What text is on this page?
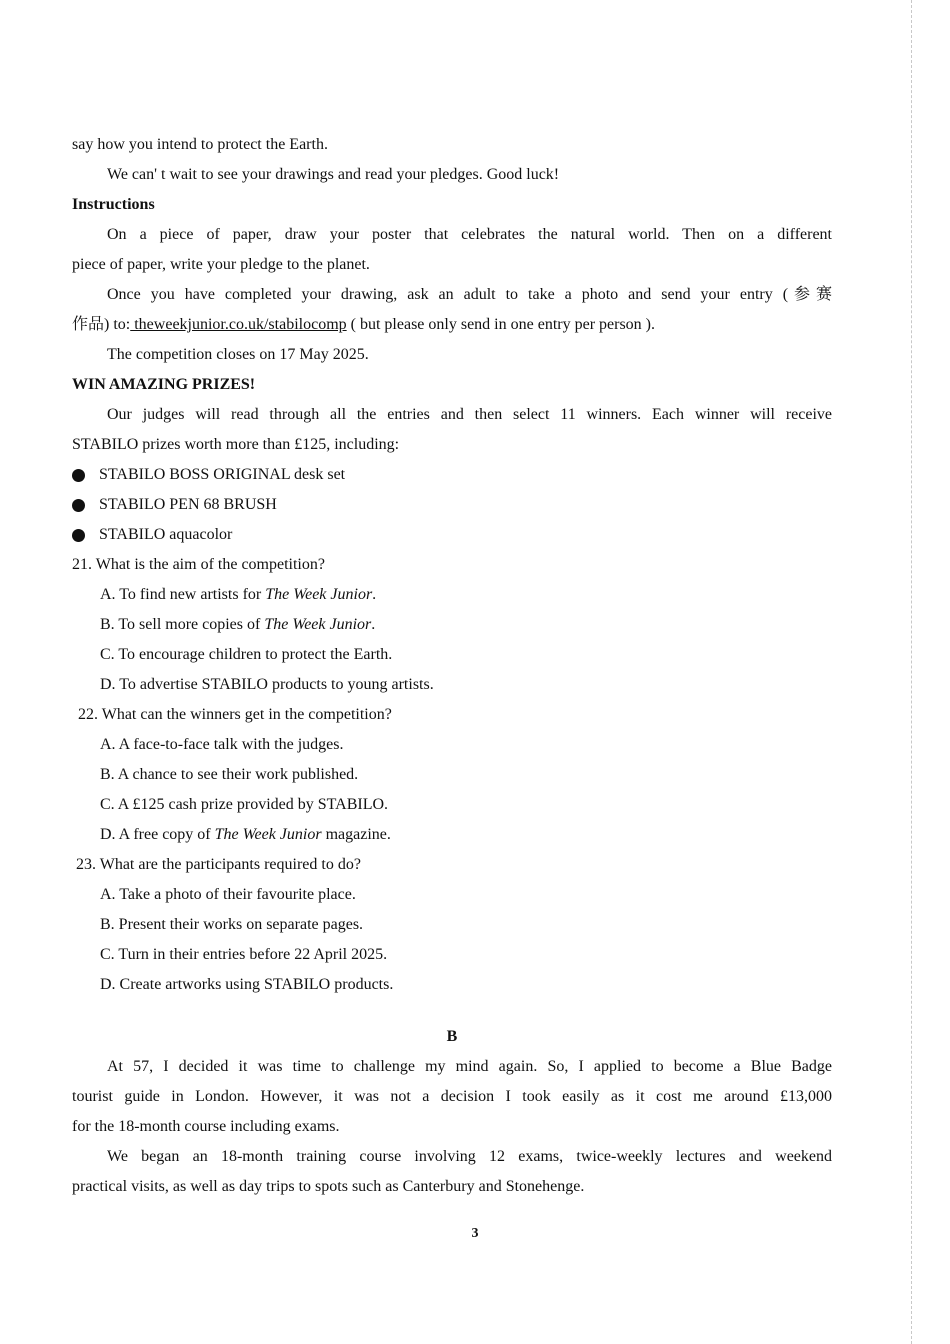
say how you intend to protect the Earth.

We can' t wait to see your drawings and read your pledges. Good luck!

Instructions

On a piece of paper, draw your poster that celebrates the natural world. Then on a different

piece of paper, write your pledge to the planet.

Once you have completed your drawing, ask an adult to take a photo and send your entry (参赛

作品) to: theweekjunior.co.uk/stabilocomp ( but please only send in one entry per person ).

The competition closes on 17 May 2025.

WIN AMAZING PRIZES!

Our judges will read through all the entries and then select 11 winners. Each winner will receive

STABILO prizes worth more than £125, including:

STABILO BOSS ORIGINAL desk set

STABILO PEN 68 BRUSH

STABILO aquacolor

21. What is the aim of the competition?

A. To find new artists for The Week Junior.

B. To sell more copies of The Week Junior.

C. To encourage children to protect the Earth.

D. To advertise STABILO products to young artists.

22. What can the winners get in the competition?

A. A face-to-face talk with the judges.

B. A chance to see their work published.

C. A £125 cash prize provided by STABILO.

D. A free copy of The Week Junior magazine.

23. What are the participants required to do?

A. Take a photo of their favourite place.

B. Present their works on separate pages.

C. Turn in their entries before 22 April 2025.

D. Create artworks using STABILO products.

B

At 57, I decided it was time to challenge my mind again. So, I applied to become a Blue Badge

tourist guide in London. However, it was not a decision I took easily as it cost me around £13,000

for the 18-month course including exams.

We began an 18-month training course involving 12 exams, twice-weekly lectures and weekend

practical visits, as well as day trips to spots such as Canterbury and Stonehenge.

3
